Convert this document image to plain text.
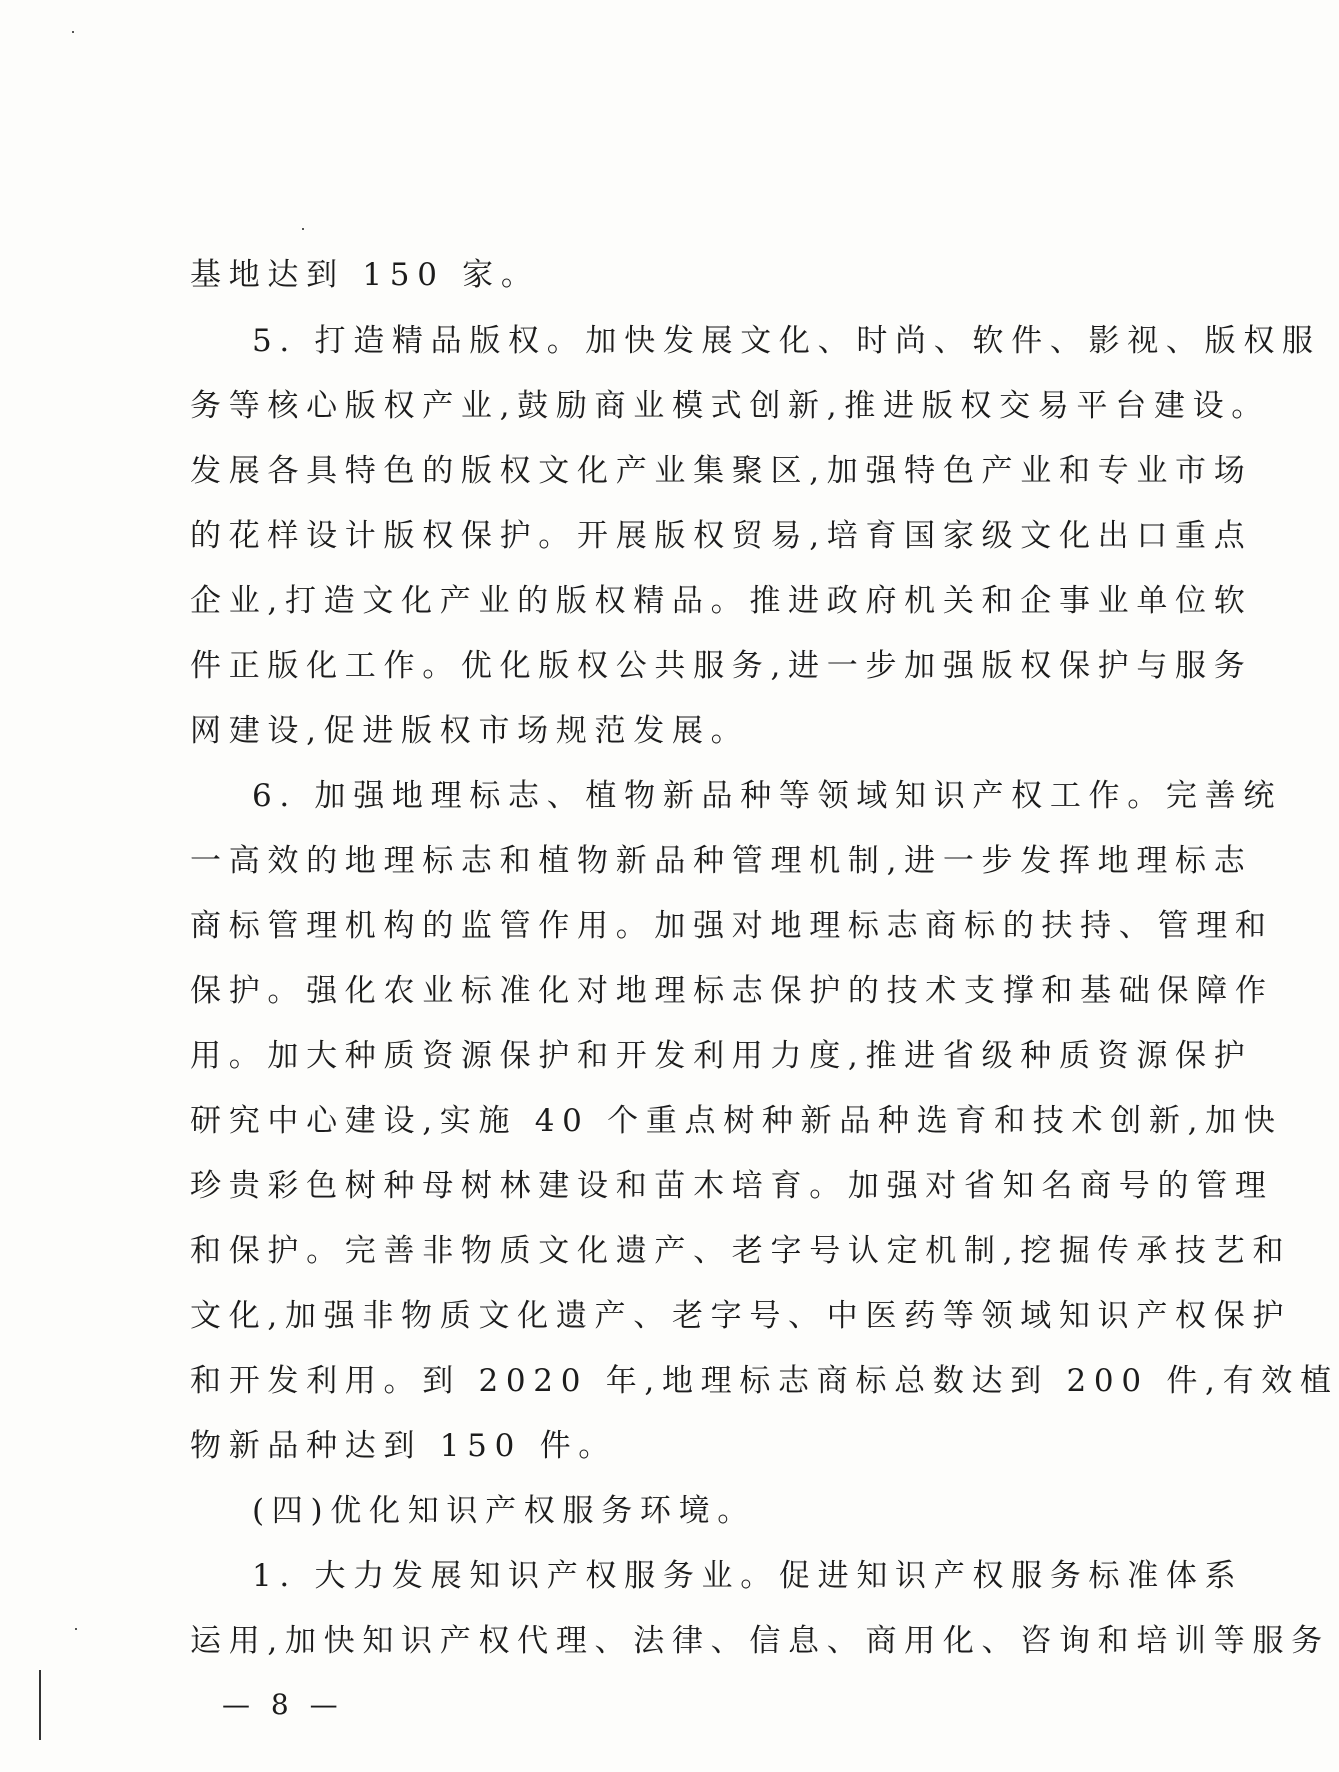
基地达到 150 家。
5. 打造精品版权。加快发展文化、时尚、软件、影视、版权服
务等核心版权产业,鼓励商业模式创新,推进版权交易平台建设。
发展各具特色的版权文化产业集聚区,加强特色产业和专业市场
的花样设计版权保护。开展版权贸易,培育国家级文化出口重点
企业,打造文化产业的版权精品。推进政府机关和企事业单位软
件正版化工作。优化版权公共服务,进一步加强版权保护与服务
网建设,促进版权市场规范发展。
6. 加强地理标志、植物新品种等领域知识产权工作。完善统
一高效的地理标志和植物新品种管理机制,进一步发挥地理标志
商标管理机构的监管作用。加强对地理标志商标的扶持、管理和
保护。强化农业标准化对地理标志保护的技术支撑和基础保障作
用。加大种质资源保护和开发利用力度,推进省级种质资源保护
研究中心建设,实施 40 个重点树种新品种选育和技术创新,加快
珍贵彩色树种母树林建设和苗木培育。加强对省知名商号的管理
和保护。完善非物质文化遗产、老字号认定机制,挖掘传承技艺和
文化,加强非物质文化遗产、老字号、中医药等领域知识产权保护
和开发利用。到 2020 年,地理标志商标总数达到 200 件,有效植
物新品种达到 150 件。
(四)优化知识产权服务环境。
1. 大力发展知识产权服务业。促进知识产权服务标准体系
运用,加快知识产权代理、法律、信息、商用化、咨询和培训等服务
— 8 —
